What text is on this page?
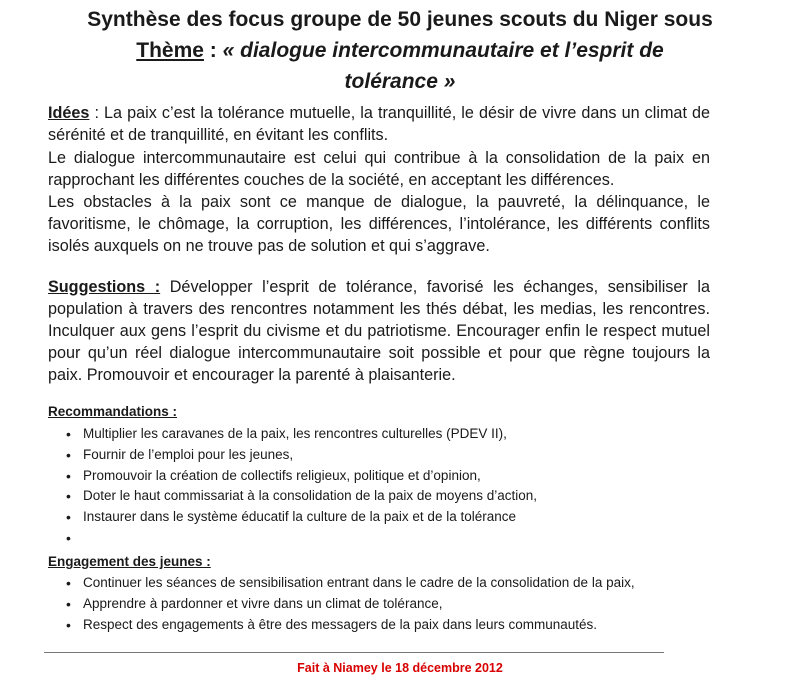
Synthèse des focus groupe de 50 jeunes scouts du Niger sous
Thème : « dialogue intercommunautaire et l’esprit de
tolérance »

Idées : La paix c’est la tolérance mutuelle, la tranquillité, le désir de vivre dans un climat de sérénité et de tranquillité, en évitant les conflits.

Le dialogue intercommunautaire est celui qui contribue à la consolidation de la paix en rapprochant les différentes couches de la société, en acceptant les différences.

Les obstacles à la paix sont ce manque de dialogue, la pauvreté, la délinquance, le favoritisme, le chômage, la corruption, les différences, l’intolérance, les différents conflits isolés auxquels on ne trouve pas de solution et qui s’aggrave.

Suggestions : Développer l’esprit de tolérance, favorisé les échanges, sensibiliser la population à travers des rencontres notamment les thés débat, les medias, les rencontres. Inculquer aux gens l’esprit du civisme et du patriotisme. Encourager enfin le respect mutuel pour qu’un réel dialogue intercommunautaire soit possible et pour que règne toujours la paix. Promouvoir et encourager la parenté à plaisanterie.

Recommandations :
• Multiplier les caravanes de la paix, les rencontres culturelles (PDEV II),
• Fournir de l’emploi pour les jeunes,
• Promouvoir la création de collectifs religieux, politique et d’opinion,
• Doter le haut commissariat à la consolidation de la paix de moyens d’action,
• Instaurer dans le système éducatif la culture de la paix et de la tolérance
•
Engagement des jeunes :
• Continuer les séances de sensibilisation entrant dans le cadre de la consolidation de la paix,
• Apprendre à pardonner et vivre dans un climat de tolérance,
• Respect des engagements à être des messagers de la paix dans leurs communautés.

Fait à Niamey le 18 décembre 2012
